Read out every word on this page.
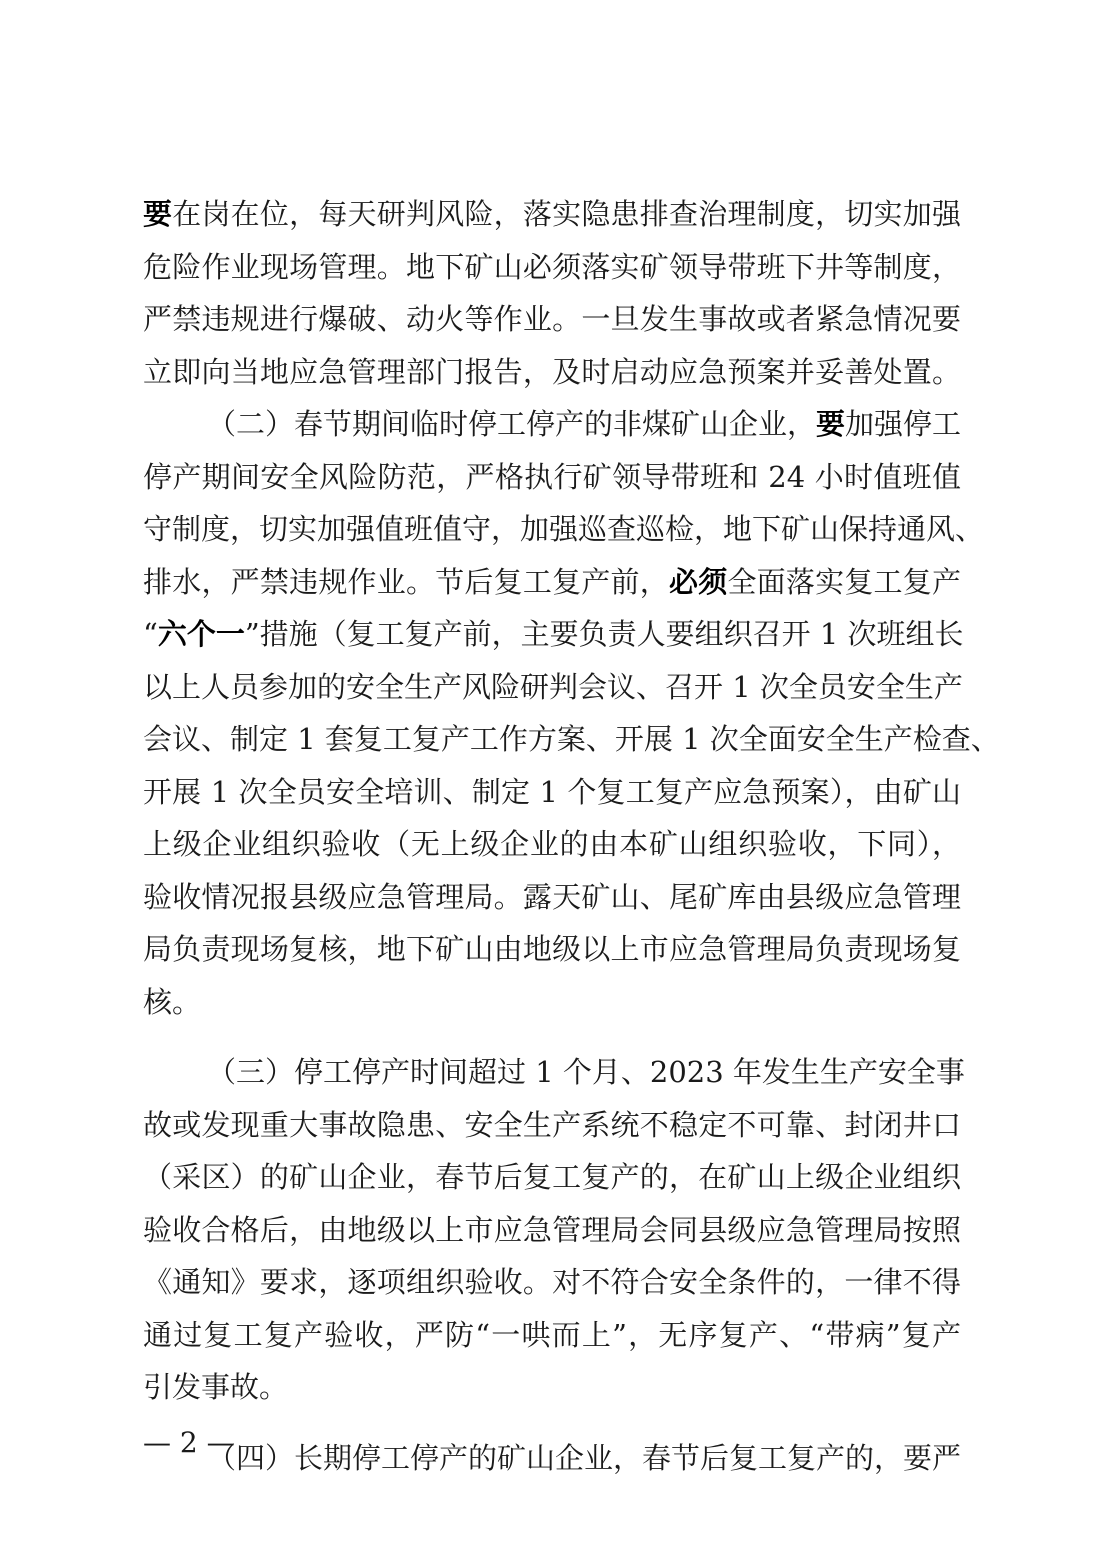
要在岗在位，每天研判风险，落实隐患排查治理制度，切实加强
危险作业现场管理。地下矿山必须落实矿领导带班下井等制度，
严禁违规进行爆破、动火等作业。一旦发生事故或者紧急情况要
立即向当地应急管理部门报告，及时启动应急预案并妥善处置。
（二）春节期间临时停工停产的非煤矿山企业，要加强停工
停产期间安全风险防范，严格执行矿领导带班和 24 小时值班值
守制度，切实加强值班值守，加强巡查巡检，地下矿山保持通风、
排水，严禁违规作业。节后复工复产前，必须全面落实复工复产
“六个一”措施（复工复产前，主要负责人要组织召开 1 次班组长
以上人员参加的安全生产风险研判会议、召开 1 次全员安全生产
会议、制定 1 套复工复产工作方案、开展 1 次全面安全生产检查、
开展 1 次全员安全培训、制定 1 个复工复产应急预案），由矿山
上级企业组织验收（无上级企业的由本矿山组织验收，下同），
验收情况报县级应急管理局。露天矿山、尾矿库由县级应急管理
局负责现场复核，地下矿山由地级以上市应急管理局负责现场复
核。
（三）停工停产时间超过 1 个月、2023 年发生生产安全事
故或发现重大事故隐患、安全生产系统不稳定不可靠、封闭井口
（采区）的矿山企业，春节后复工复产的，在矿山上级企业组织
验收合格后，由地级以上市应急管理局会同县级应急管理局按照
《通知》要求，逐项组织验收。对不符合安全条件的，一律不得
通过复工复产验收，严防“一哄而上”，无序复产、“带病”复产
引发事故。
（四）长期停工停产的矿山企业，春节后复工复产的，要严
— 2 —
